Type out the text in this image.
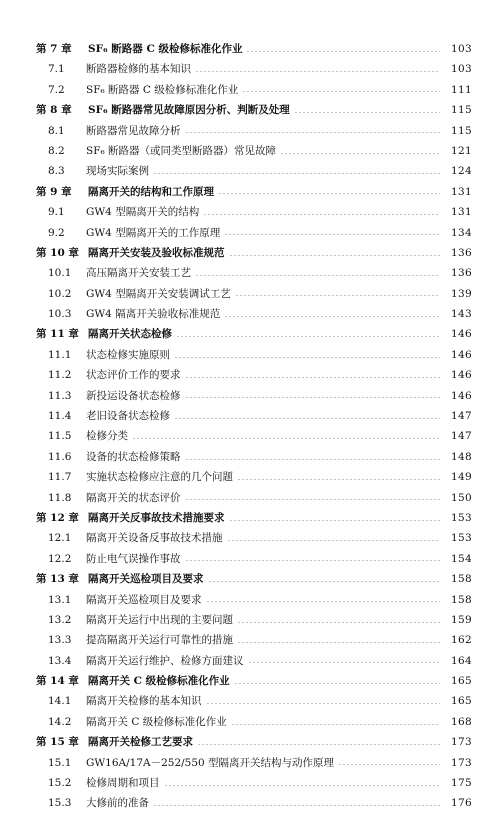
第 7 章 SF₆ 断路器 C 级检修标准化作业	103
7.1 断路器检修的基本知识	103
7.2 SF₆ 断路器 C 级检修标准化作业	111
第 8 章 SF₆ 断路器常见故障原因分析、判断及处理	115
8.1 断路器常见故障分析	115
8.2 SF₆ 断路器（或同类型断路器）常见故障	121
8.3 现场实际案例	124
第 9 章 隔离开关的结构和工作原理	131
9.1 GW4 型隔离开关的结构	131
9.2 GW4 型隔离开关的工作原理	134
第 10 章 隔离开关安装及验收标准规范	136
10.1 高压隔离开关安装工艺	136
10.2 GW4 型隔离开关安装调试工艺	139
10.3 GW4 隔离开关验收标准规范	143
第 11 章 隔离开关状态检修	146
11.1 状态检修实施原则	146
11.2 状态评价工作的要求	146
11.3 新投运设备状态检修	146
11.4 老旧设备状态检修	147
11.5 检修分类	147
11.6 设备的状态检修策略	148
11.7 实施状态检修应注意的几个问题	149
11.8 隔离开关的状态评价	150
第 12 章 隔离开关反事故技术措施要求	153
12.1 隔离开关设备反事故技术措施	153
12.2 防止电气误操作事故	154
第 13 章 隔离开关巡检项目及要求	158
13.1 隔离开关巡检项目及要求	158
13.2 隔离开关运行中出现的主要问题	159
13.3 提高隔离开关运行可靠性的措施	162
13.4 隔离开关运行维护、检修方面建议	164
第 14 章 隔离开关 C 级检修标准化作业	165
14.1 隔离开关检修的基本知识	165
14.2 隔离开关 C 级检修标准化作业	168
第 15 章 隔离开关检修工艺要求	173
15.1 GW16A/17A－252/550 型隔离开关结构与动作原理	173
15.2 检修周期和项目	175
15.3 大修前的准备	176
